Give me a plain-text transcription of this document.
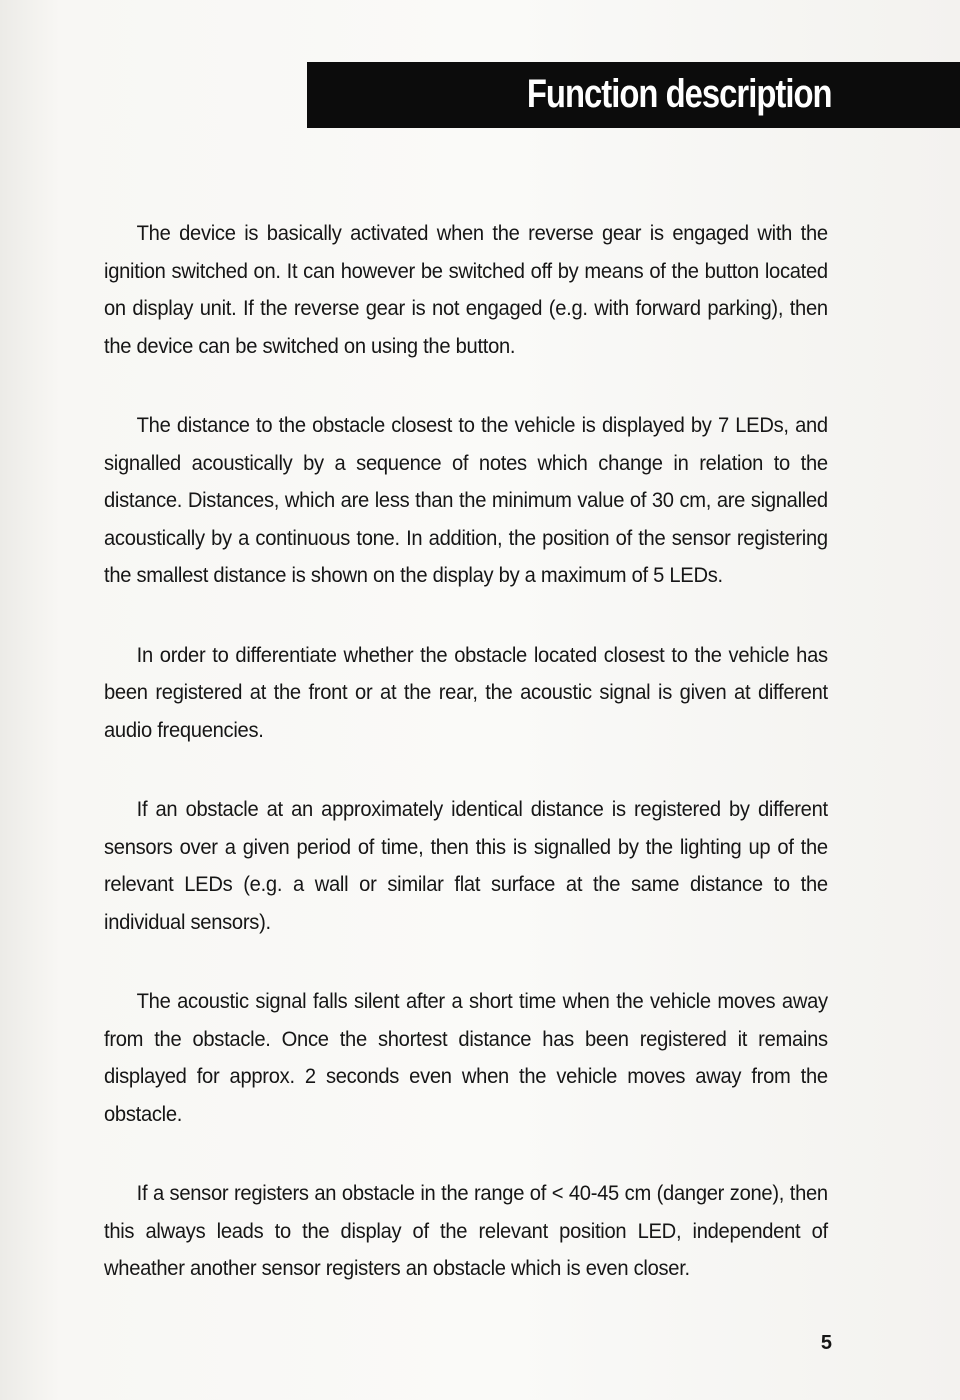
Function description

The device is basically activated when the reverse gear is engaged with the ignition switched on. It can however be switched off by means of the button located on display unit. If the reverse gear is not engaged (e.g. with forward parking), then the device can be switched on using the button.

The distance to the obstacle closest to the vehicle is displayed by 7 LEDs, and signalled acoustically by a sequence of notes which change in relation to the distance. Distances, which are less than the minimum value of 30 cm, are signalled acoustically by a continuous tone. In addition, the position of the sensor registering the smallest distance is shown on the display by a maximum of 5 LEDs.

In order to differentiate whether the obstacle located closest to the vehicle has been registered at the front or at the rear, the acoustic signal is given at different audio frequencies.

If an obstacle at an approximately identical distance is registered by different sensors over a given period of time, then this is signalled by the lighting up of the relevant LEDs (e.g. a wall or similar flat surface at the same distance to the individual sensors).

The acoustic signal falls silent after a short time when the vehicle moves away from the obstacle. Once the shortest distance has been registered it remains displayed for approx. 2 seconds even when the vehicle moves away from the obstacle.

If a sensor registers an obstacle in the range of < 40-45 cm (danger zone), then this always leads to the display of the relevant position LED, independent of wheather another sensor registers an obstacle which is even closer.

5
